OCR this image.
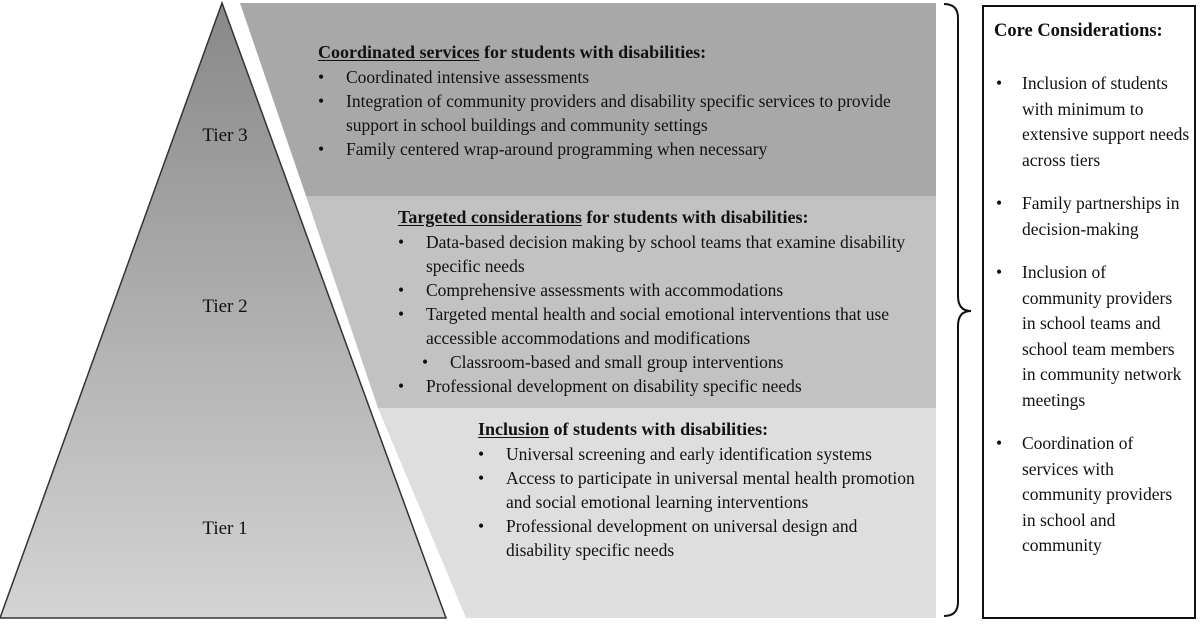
Tier 3
Tier 2
Tier 1
Coordinated services for students with disabilities:
• Coordinated intensive assessments
• Integration of community providers and disability specific services to provide support in school buildings and community settings
• Family centered wrap-around programming when necessary
Targeted considerations for students with disabilities:
• Data-based decision making by school teams that examine disability specific needs
• Comprehensive assessments with accommodations
• Targeted mental health and social emotional interventions that use accessible accommodations and modifications
• Classroom-based and small group interventions
• Professional development on disability specific needs
Inclusion of students with disabilities:
• Universal screening and early identification systems
• Access to participate in universal mental health promotion and social emotional learning interventions
• Professional development on universal design and disability specific needs
Core Considerations:
• Inclusion of students with minimum to extensive support needs across tiers
• Family partnerships in decision-making
• Inclusion of community providers in school teams and school team members in community network meetings
• Coordination of services with community providers in school and community
